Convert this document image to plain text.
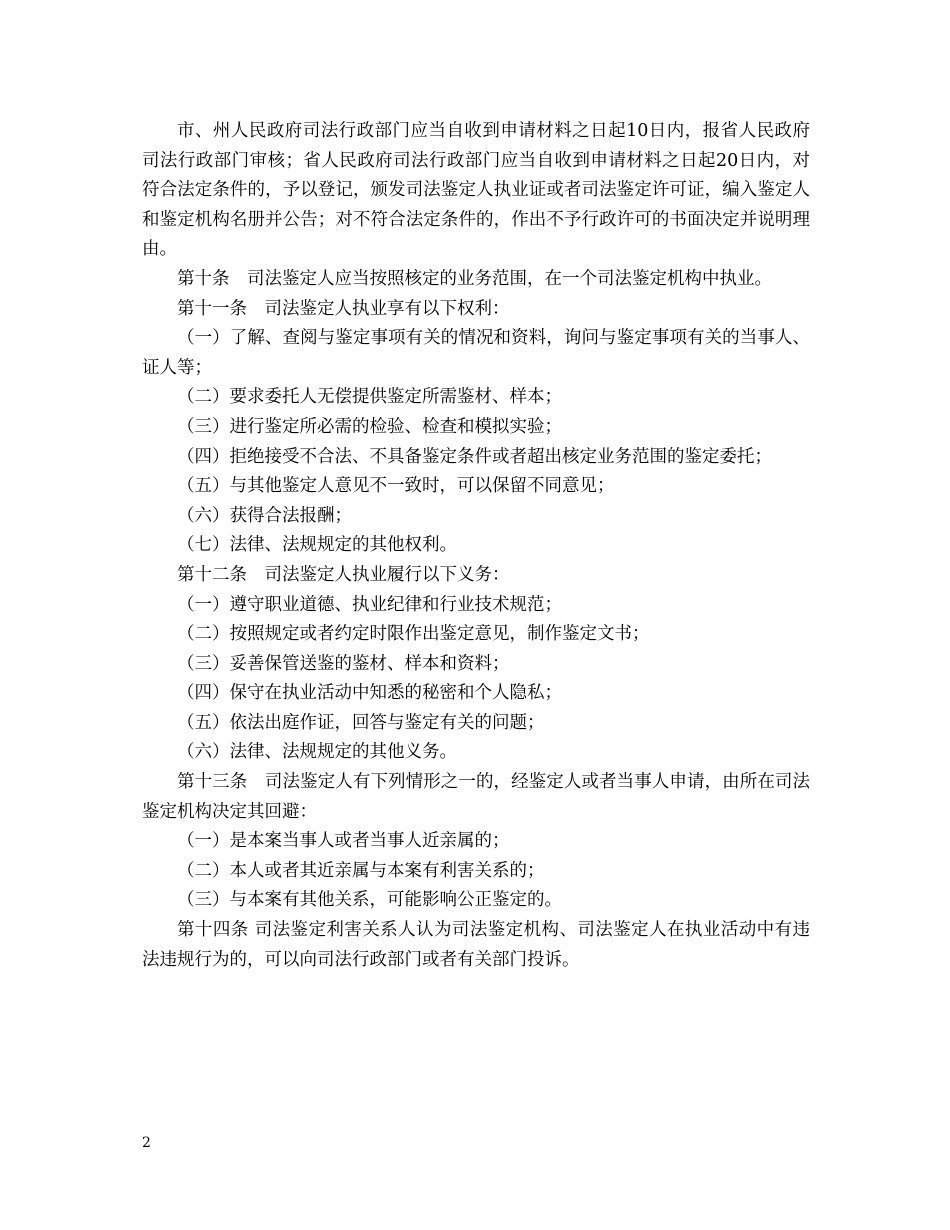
市、州人民政府司法行政部门应当自收到申请材料之日起10日内，报省人民政府司法行政部门审核；省人民政府司法行政部门应当自收到申请材料之日起20日内，对符合法定条件的，予以登记，颁发司法鉴定人执业证或者司法鉴定许可证，编入鉴定人和鉴定机构名册并公告；对不符合法定条件的，作出不予行政许可的书面决定并说明理由。

第十条　司法鉴定人应当按照核定的业务范围，在一个司法鉴定机构中执业。

第十一条　司法鉴定人执业享有以下权利：

（一）了解、查阅与鉴定事项有关的情况和资料，询问与鉴定事项有关的当事人、证人等；

（二）要求委托人无偿提供鉴定所需鉴材、样本；

（三）进行鉴定所必需的检验、检查和模拟实验；

（四）拒绝接受不合法、不具备鉴定条件或者超出核定业务范围的鉴定委托；

（五）与其他鉴定人意见不一致时，可以保留不同意见；

（六）获得合法报酬；

（七）法律、法规规定的其他权利。

第十二条　司法鉴定人执业履行以下义务：

（一）遵守职业道德、执业纪律和行业技术规范；

（二）按照规定或者约定时限作出鉴定意见，制作鉴定文书；

（三）妥善保管送鉴的鉴材、样本和资料；

（四）保守在执业活动中知悉的秘密和个人隐私；

（五）依法出庭作证，回答与鉴定有关的问题；

（六）法律、法规规定的其他义务。

第十三条　司法鉴定人有下列情形之一的，经鉴定人或者当事人申请，由所在司法鉴定机构决定其回避：

（一）是本案当事人或者当事人近亲属的；

（二）本人或者其近亲属与本案有利害关系的；

（三）与本案有其他关系，可能影响公正鉴定的。

第十四条 司法鉴定利害关系人认为司法鉴定机构、司法鉴定人在执业活动中有违法违规行为的，可以向司法行政部门或者有关部门投诉。

2
